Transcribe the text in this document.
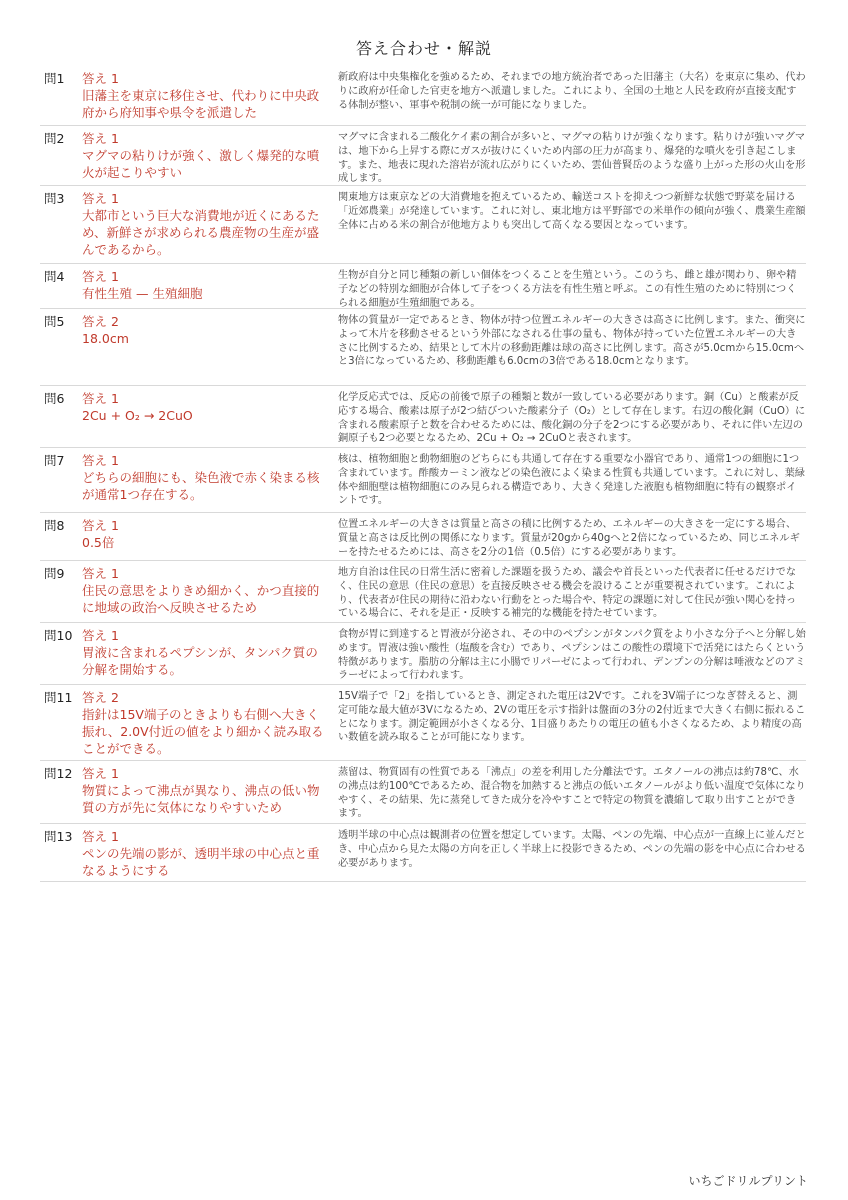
答え合わせ・解説
問1	答え 1
旧藩主を東京に移住させ、代わりに中央政府から府知事や県令を派遣した
新政府は中央集権化を強めるため、それまでの地方統治者であった旧藩主（大名）を東京に集め、代わりに政府が任命した官吏を地方へ派遣しました。これにより、全国の土地と人民を政府が直接支配する体制が整い、軍事や税制の統一が可能になりました。
問2	答え 1
マグマの粘りけが強く、激しく爆発的な噴火が起こりやすい
マグマに含まれる二酸化ケイ素の割合が多いと、マグマの粘りけが強くなります。粘りけが強いマグマは、地下から上昇する際にガスが抜けにくいため内部の圧力が高まり、爆発的な噴火を引き起こします。また、地表に現れた溶岩が流れ広がりにくいため、雲仙普賢岳のような盛り上がった形の火山を形成します。
問3	答え 1
大都市という巨大な消費地が近くにあるため、新鮮さが求められる農産物の生産が盛んであるから。
関東地方は東京などの大消費地を抱えているため、輸送コストを抑えつつ新鮮な状態で野菜を届ける「近郊農業」が発達しています。これに対し、東北地方は平野部での米単作の傾向が強く、農業生産額全体に占める米の割合が他地方よりも突出して高くなる要因となっています。
問4	答え 1
有性生殖 — 生殖細胞
生物が自分と同じ種類の新しい個体をつくることを生殖という。このうち、雌と雄が関わり、卵や精子などの特別な細胞が合体して子をつくる方法を有性生殖と呼ぶ。この有性生殖のために特別につくられる細胞が生殖細胞である。
問5	答え 2
18.0cm
物体の質量が一定であるとき、物体が持つ位置エネルギーの大きさは高さに比例します。また、衝突によって木片を移動させるという外部になされる仕事の量も、物体が持っていた位置エネルギーの大きさに比例するため、結果として木片の移動距離は球の高さに比例します。高さが5.0cmから15.0cmへと3倍になっているため、移動距離も6.0cmの3倍である18.0cmとなります。
問6	答え 1
2Cu + O₂ → 2CuO
化学反応式では、反応の前後で原子の種類と数が一致している必要があります。銅（Cu）と酸素が反応する場合、酸素は原子が2つ結びついた酸素分子（O₂）として存在します。右辺の酸化銅（CuO）に含まれる酸素原子と数を合わせるためには、酸化銅の分子を2つにする必要があり、それに伴い左辺の銅原子も2つ必要となるため、2Cu + O₂ → 2CuOと表されます。
問7	答え 1
どちらの細胞にも、染色液で赤く染まる核が通常1つ存在する。
核は、植物細胞と動物細胞のどちらにも共通して存在する重要な小器官であり、通常1つの細胞に1つ含まれています。酢酸カーミン液などの染色液によく染まる性質も共通しています。これに対し、葉緑体や細胞壁は植物細胞にのみ見られる構造であり、大きく発達した液胞も植物細胞に特有の観察ポイントです。
問8	答え 1
0.5倍
位置エネルギーの大きさは質量と高さの積に比例するため、エネルギーの大きさを一定にする場合、質量と高さは反比例の関係になります。質量が20gから40gへと2倍になっているため、同じエネルギーを持たせるためには、高さを2分の1倍（0.5倍）にする必要があります。
問9	答え 1
住民の意思をよりきめ細かく、かつ直接的に地域の政治へ反映させるため
地方自治は住民の日常生活に密着した課題を扱うため、議会や首長といった代表者に任せるだけでなく、住民の意思（住民の意思）を直接反映させる機会を設けることが重要視されています。これにより、代表者が住民の期待に沿わない行動をとった場合や、特定の課題に対して住民が強い関心を持っている場合に、それを是正・反映する補完的な機能を持たせています。
問10 答え 1
胃液に含まれるペプシンが、タンパク質の分解を開始する。
食物が胃に到達すると胃液が分泌され、その中のペプシンがタンパク質をより小さな分子へと分解し始めます。胃液は強い酸性（塩酸を含む）であり、ペプシンはこの酸性の環境下で活発にはたらくという特徴があります。脂肪の分解は主に小腸でリパーゼによって行われ、デンプンの分解は唾液などのアミラーゼによって行われます。
問11 答え 2
指針は15V端子のときよりも右側へ大きく振れ、2.0V付近の値をより細かく読み取ることができる。
15V端子で「2」を指しているとき、測定された電圧は2Vです。これを3V端子につなぎ替えると、測定可能な最大値が3Vになるため、2Vの電圧を示す指針は盤面の3分の2付近まで大きく右側に振れることになります。測定範囲が小さくなる分、1目盛りあたりの電圧の値も小さくなるため、より精度の高い数値を読み取ることが可能になります。
問12 答え 1
物質によって沸点が異なり、沸点の低い物質の方が先に気体になりやすいため
蒸留は、物質固有の性質である「沸点」の差を利用した分離法です。エタノールの沸点は約78℃、水の沸点は約100℃であるため、混合物を加熱すると沸点の低いエタノールがより低い温度で気体になりやすく、その結果、先に蒸発してきた成分を冷やすことで特定の物質を濃縮して取り出すことができます。
問13 答え 1
ペンの先端の影が、透明半球の中心点と重なるようにする
透明半球の中心点は観測者の位置を想定しています。太陽、ペンの先端、中心点が一直線上に並んだとき、中心点から見た太陽の方向を正しく半球上に投影できるため、ペンの先端の影を中心点に合わせる必要があります。
いちごドリルプリント
